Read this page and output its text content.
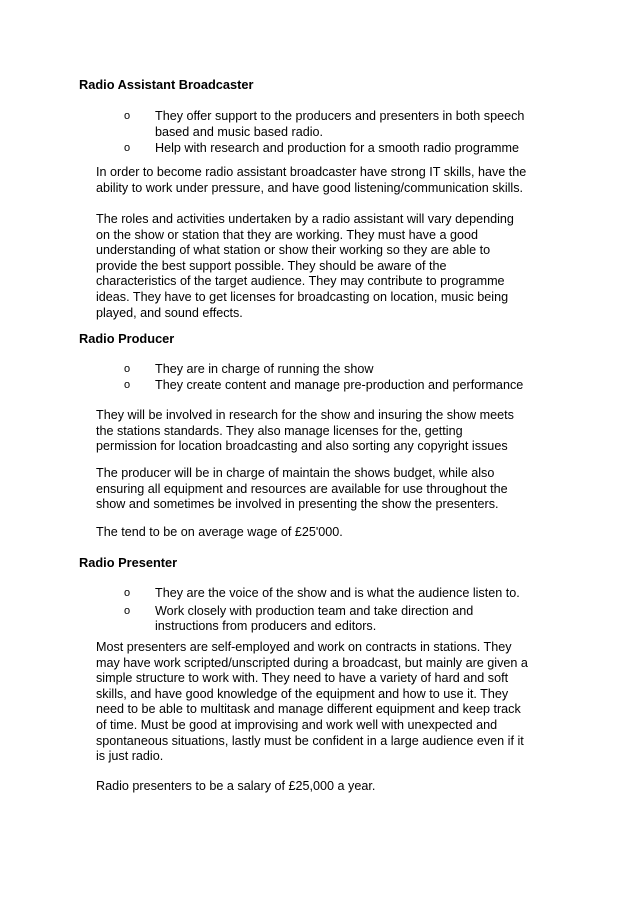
Radio Assistant Broadcaster
o They offer support to the producers and presenters in both speech
based and music based radio.
o Help with research and production for a smooth radio programme
In order to become radio assistant broadcaster have strong IT skills, have the
ability to work under pressure, and have good listening/communication skills.
The roles and activities undertaken by a radio assistant will vary depending
on the show or station that they are working. They must have a good
understanding of what station or show their working so they are able to
provide the best support possible. They should be aware of the
characteristics of the target audience. They may contribute to programme
ideas. They have to get licenses for broadcasting on location, music being
played, and sound effects.
Radio Producer
o They are in charge of running the show
o They create content and manage pre-production and performance
They will be involved in research for the show and insuring the show meets
the stations standards. They also manage licenses for the, getting
permission for location broadcasting and also sorting any copyright issues
The producer will be in charge of maintain the shows budget, while also
ensuring all equipment and resources are available for use throughout the
show and sometimes be involved in presenting the show the presenters.
The tend to be on average wage of £25'000.
Radio Presenter
o They are the voice of the show and is what the audience listen to.
o Work closely with production team and take direction and
instructions from producers and editors.
Most presenters are self-employed and work on contracts in stations. They
may have work scripted/unscripted during a broadcast, but mainly are given a
simple structure to work with. They need to have a variety of hard and soft
skills, and have good knowledge of the equipment and how to use it. They
need to be able to multitask and manage different equipment and keep track
of time. Must be good at improvising and work well with unexpected and
spontaneous situations, lastly must be confident in a large audience even if it
is just radio.
Radio presenters to be a salary of £25,000 a year.
